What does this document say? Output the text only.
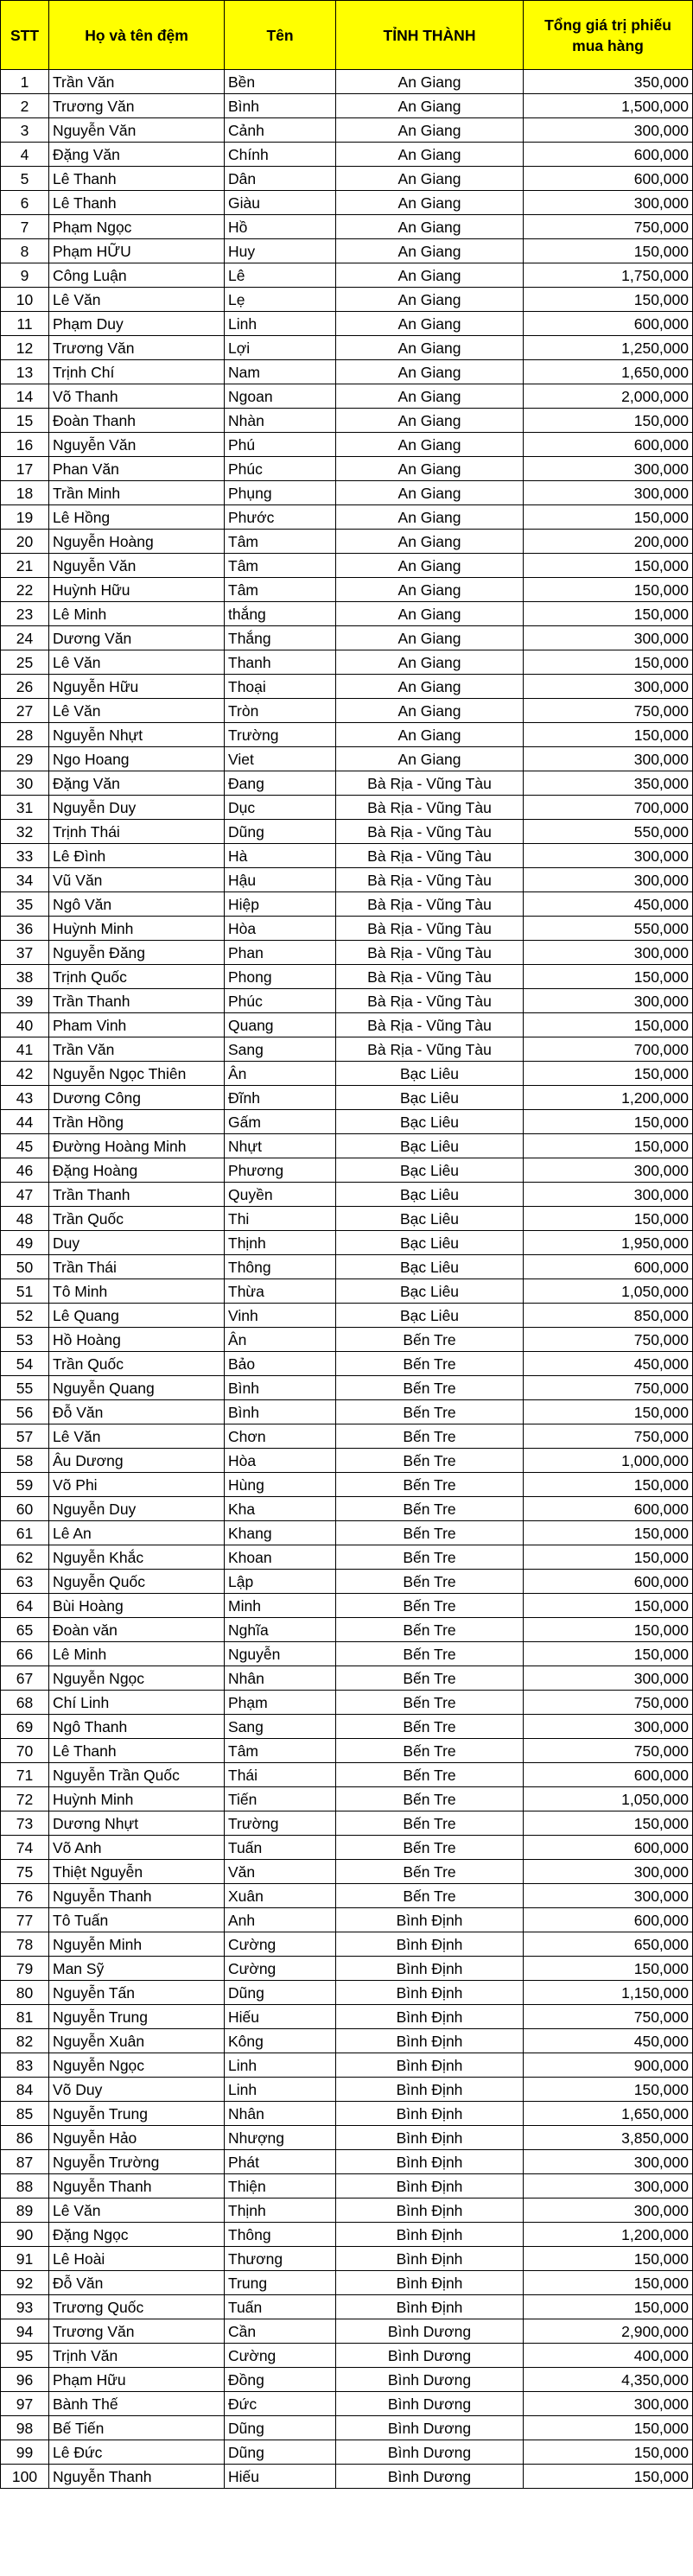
STT	Họ và tên đệm	Tên	TỈNH THÀNH	Tổng giá trị phiếu mua hàng
1	Trần Văn	Bền	An Giang	350,000
2	Trương Văn	Bình	An Giang	1,500,000
3	Nguyễn Văn	Cảnh	An Giang	300,000
4	Đặng Văn	Chính	An Giang	600,000
5	Lê Thanh	Dân	An Giang	600,000
6	Lê Thanh	Giàu	An Giang	300,000
7	Phạm Ngọc	Hồ	An Giang	750,000
8	Phạm HỮU	Huy	An Giang	150,000
9	Công Luận	Lê	An Giang	1,750,000
10	Lê Văn	Lẹ	An Giang	150,000
11	Phạm Duy	Linh	An Giang	600,000
12	Trương Văn	Lợi	An Giang	1,250,000
13	Trịnh Chí	Nam	An Giang	1,650,000
14	Võ Thanh	Ngoan	An Giang	2,000,000
15	Đoàn Thanh	Nhàn	An Giang	150,000
16	Nguyễn Văn	Phú	An Giang	600,000
17	Phan Văn	Phúc	An Giang	300,000
18	Trần Minh	Phụng	An Giang	300,000
19	Lê Hồng	Phước	An Giang	150,000
20	Nguyễn Hoàng	Tâm	An Giang	200,000
21	Nguyễn Văn	Tâm	An Giang	150,000
22	Huỳnh Hữu	Tâm	An Giang	150,000
23	Lê Minh	thắng	An Giang	150,000
24	Dương Văn	Thắng	An Giang	300,000
25	Lê Văn	Thanh	An Giang	150,000
26	Nguyễn Hữu	Thoại	An Giang	300,000
27	Lê Văn	Tròn	An Giang	750,000
28	Nguyễn Nhựt	Trường	An Giang	150,000
29	Ngo Hoang	Viet	An Giang	300,000
30	Đặng Văn	Đang	Bà Rịa - Vũng Tàu	350,000
31	Nguyễn Duy	Dục	Bà Rịa - Vũng Tàu	700,000
32	Trịnh Thái	Dũng	Bà Rịa - Vũng Tàu	550,000
33	Lê Đình	Hà	Bà Rịa - Vũng Tàu	300,000
34	Vũ Văn	Hậu	Bà Rịa - Vũng Tàu	300,000
35	Ngô Văn	Hiệp	Bà Rịa - Vũng Tàu	450,000
36	Huỳnh Minh	Hòa	Bà Rịa - Vũng Tàu	550,000
37	Nguyễn Đăng	Phan	Bà Rịa - Vũng Tàu	300,000
38	Trịnh Quốc	Phong	Bà Rịa - Vũng Tàu	150,000
39	Trần Thanh	Phúc	Bà Rịa - Vũng Tàu	300,000
40	Pham Vinh	Quang	Bà Rịa - Vũng Tàu	150,000
41	Trần Văn	Sang	Bà Rịa - Vũng Tàu	700,000
42	Nguyễn Ngọc Thiên	Ân	Bạc Liêu	150,000
43	Dương Công	Đĩnh	Bạc Liêu	1,200,000
44	Trần Hồng	Gấm	Bạc Liêu	150,000
45	Đường Hoàng Minh	Nhựt	Bạc Liêu	150,000
46	Đặng Hoàng	Phương	Bạc Liêu	300,000
47	Trần Thanh	Quyền	Bạc Liêu	300,000
48	Trần Quốc	Thi	Bạc Liêu	150,000
49	Duy	Thịnh	Bạc Liêu	1,950,000
50	Trần Thái	Thông	Bạc Liêu	600,000
51	Tô Minh	Thừa	Bạc Liêu	1,050,000
52	Lê Quang	Vinh	Bạc Liêu	850,000
53	Hồ Hoàng	Ân	Bến Tre	750,000
54	Trần Quốc	Bảo	Bến Tre	450,000
55	Nguyễn Quang	Bình	Bến Tre	750,000
56	Đỗ Văn	Bình	Bến Tre	150,000
57	Lê Văn	Chơn	Bến Tre	750,000
58	Âu Dương	Hòa	Bến Tre	1,000,000
59	Võ Phi	Hùng	Bến Tre	150,000
60	Nguyễn Duy	Kha	Bến Tre	600,000
61	Lê An	Khang	Bến Tre	150,000
62	Nguyễn Khắc	Khoan	Bến Tre	150,000
63	Nguyễn Quốc	Lập	Bến Tre	600,000
64	Bùi Hoàng	Minh	Bến Tre	150,000
65	Đoàn văn	Nghĩa	Bến Tre	150,000
66	Lê Minh	Nguyễn	Bến Tre	150,000
67	Nguyễn Ngọc	Nhân	Bến Tre	300,000
68	Chí Linh	Phạm	Bến Tre	750,000
69	Ngô Thanh	Sang	Bến Tre	300,000
70	Lê Thanh	Tâm	Bến Tre	750,000
71	Nguyễn Trần Quốc	Thái	Bến Tre	600,000
72	Huỳnh Minh	Tiến	Bến Tre	1,050,000
73	Dương Nhựt	Trường	Bến Tre	150,000
74	Võ Anh	Tuấn	Bến Tre	600,000
75	Thiệt Nguyễn	Văn	Bến Tre	300,000
76	Nguyễn Thanh	Xuân	Bến Tre	300,000
77	Tô Tuấn	Anh	Bình Định	600,000
78	Nguyễn Minh	Cường	Bình Định	650,000
79	Man Sỹ	Cường	Bình Định	150,000
80	Nguyễn Tấn	Dũng	Bình Định	1,150,000
81	Nguyễn Trung	Hiếu	Bình Định	750,000
82	Nguyễn Xuân	Kông	Bình Định	450,000
83	Nguyễn Ngọc	Linh	Bình Định	900,000
84	Võ Duy	Linh	Bình Định	150,000
85	Nguyễn Trung	Nhân	Bình Định	1,650,000
86	Nguyễn Hảo	Nhượng	Bình Định	3,850,000
87	Nguyễn Trường	Phát	Bình Định	300,000
88	Nguyễn Thanh	Thiện	Bình Định	300,000
89	Lê Văn	Thịnh	Bình Định	300,000
90	Đặng Ngọc	Thông	Bình Định	1,200,000
91	Lê Hoài	Thương	Bình Định	150,000
92	Đỗ Văn	Trung	Bình Định	150,000
93	Trương Quốc	Tuấn	Bình Định	150,000
94	Trương Văn	Cần	Bình Dương	2,900,000
95	Trịnh Văn	Cường	Bình Dương	400,000
96	Phạm Hữu	Đồng	Bình Dương	4,350,000
97	Bành Thế	Đức	Bình Dương	300,000
98	Bế Tiến	Dũng	Bình Dương	150,000
99	Lê Đức	Dũng	Bình Dương	150,000
100	Nguyễn Thanh	Hiếu	Bình Dương	150,000
